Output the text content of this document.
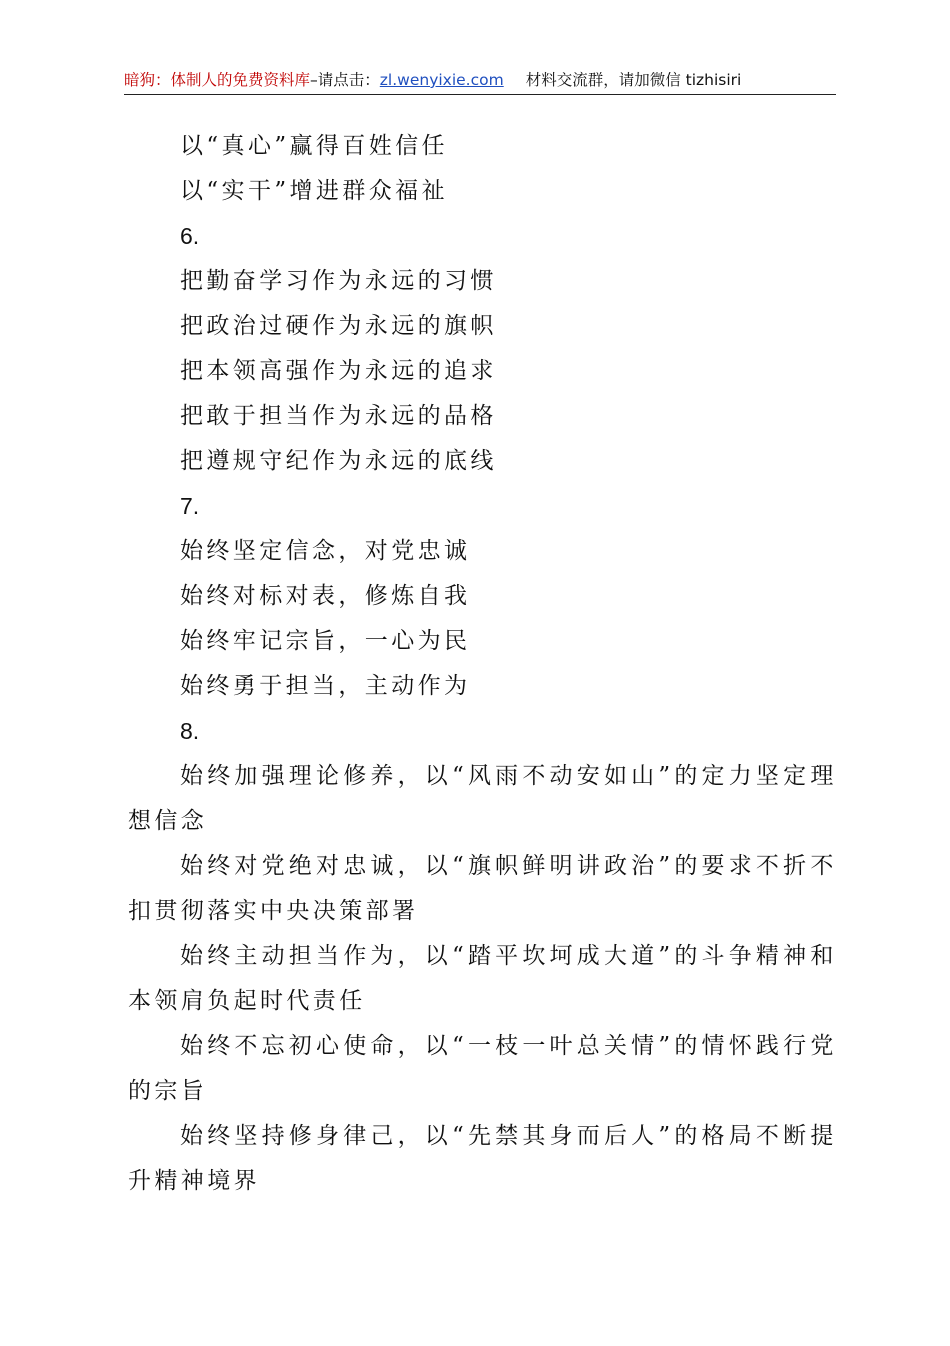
暗狗：体制人的免费资料库–请点击：zl.wenyixie.com 材料交流群，请加微信 tizhisiri
以“真心”赢得百姓信任
以“实干”增进群众福祉
6.
把勤奋学习作为永远的习惯
把政治过硬作为永远的旗帜
把本领高强作为永远的追求
把敢于担当作为永远的品格
把遵规守纪作为永远的底线
7.
始终坚定信念，对党忠诚
始终对标对表，修炼自我
始终牢记宗旨，一心为民
始终勇于担当，主动作为
8.
始终加强理论修养，以“风雨不动安如山”的定力坚定理
想信念
始终对党绝对忠诚，以“旗帜鲜明讲政治”的要求不折不
扣贯彻落实中央决策部署
始终主动担当作为，以“踏平坎坷成大道”的斗争精神和
本领肩负起时代责任
始终不忘初心使命，以“一枝一叶总关情”的情怀践行党
的宗旨
始终坚持修身律己，以“先禁其身而后人”的格局不断提
升精神境界
